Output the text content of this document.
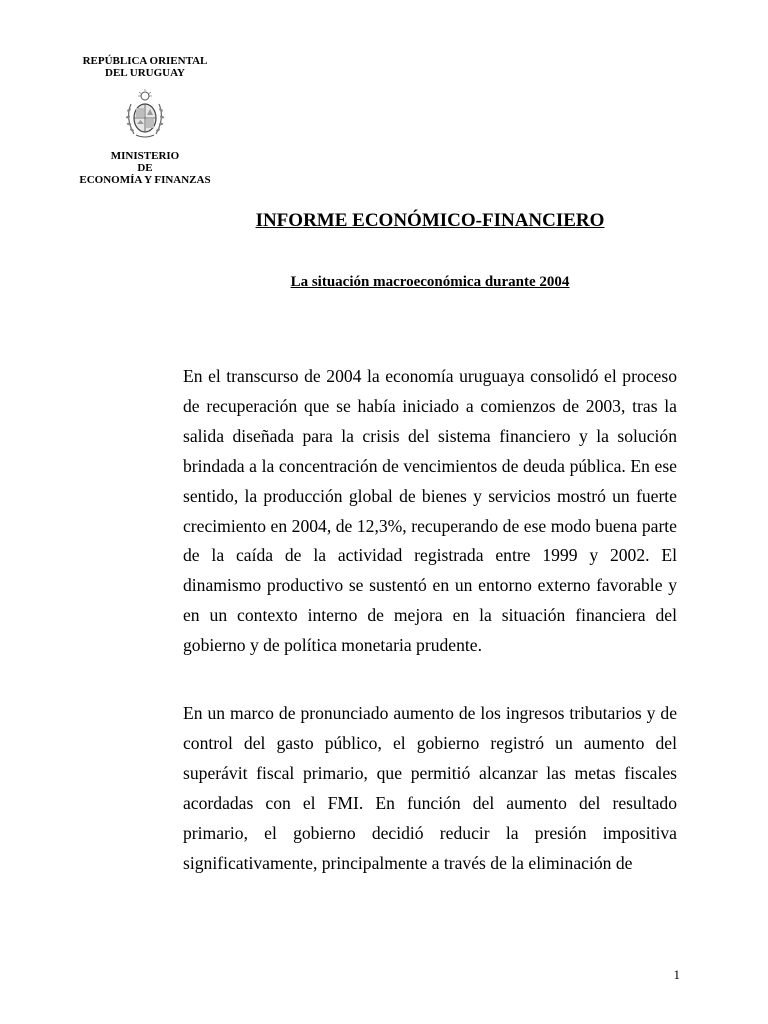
REPÚBLICA ORIENTAL
DEL URUGUAY
MINISTERIO
DE
ECONOMÍA Y FINANZAS
INFORME ECONÓMICO-FINANCIERO
La situación macroeconómica durante 2004

En el transcurso de 2004 la economía uruguaya consolidó el proceso de recuperación que se había iniciado a comienzos de 2003, tras la salida diseñada para la crisis del sistema financiero y la solución brindada a la concentración de vencimientos de deuda pública. En ese sentido, la producción global de bienes y servicios mostró un fuerte crecimiento en 2004, de 12,3%, recuperando de ese modo buena parte de la caída de la actividad registrada entre 1999 y 2002. El dinamismo productivo se sustentó en un entorno externo favorable y en un contexto interno de mejora en la situación financiera del gobierno y de política monetaria prudente.

En un marco de pronunciado aumento de los ingresos tributarios y de control del gasto público, el gobierno registró un aumento del superávit fiscal primario, que permitió alcanzar las metas fiscales acordadas con el FMI. En función del aumento del resultado primario, el gobierno decidió reducir la presión impositiva significativamente, principalmente a través de la eliminación de

1
